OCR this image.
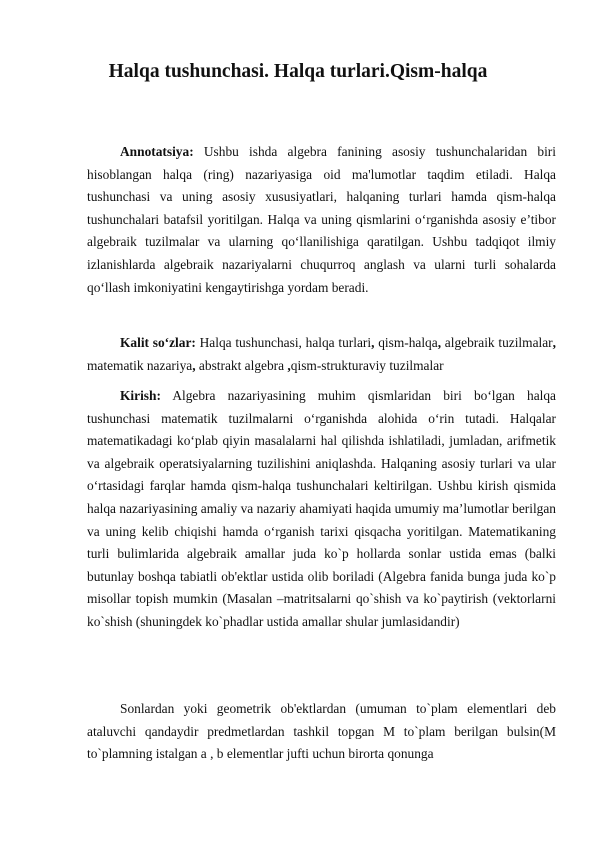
Halqa tushunchasi. Halqa turlari.Qism-halqa

Annotatsiya: Ushbu ishda algebra fanining asosiy tushunchalaridan biri hisoblangan halqa (ring) nazariyasiga oid ma'lumotlar taqdim etiladi. Halqa tushunchasi va uning asosiy xususiyatlari, halqaning turlari hamda qism-halqa tushunchalari batafsil yoritilgan. Halqa va uning qismlarini o‘rganishda asosiy e’tibor algebraik tuzilmalar va ularning qo‘llanilishiga qaratilgan. Ushbu tadqiqot ilmiy izlanishlarda algebraik nazariyalarni chuqurroq anglash va ularni turli sohalarda qo‘llash imkoniyatini kengaytirishga yordam beradi.

Kalit so‘zlar: Halqa tushunchasi, halqa turlari, qism-halqa, algebraik tuzilmalar, matematik nazariya, abstrakt algebra ,qism-strukturaviy tuzilmalar

Kirish: Algebra nazariyasining muhim qismlaridan biri bo‘lgan halqa tushunchasi matematik tuzilmalarni o‘rganishda alohida o‘rin tutadi. Halqalar matematikadagi ko‘plab qiyin masalalarni hal qilishda ishlatiladi, jumladan, arifmetik va algebraik operatsiyalarning tuzilishini aniqlashda. Halqaning asosiy turlari va ular o‘rtasidagi farqlar hamda qism-halqa tushunchalari keltirilgan. Ushbu kirish qismida halqa nazariyasining amaliy va nazariy ahamiyati haqida umumiy ma’lumotlar berilgan va uning kelib chiqishi hamda o‘rganish tarixi qisqacha yoritilgan. Matematikaning turli bulimlarida algebraik amallar juda ko`p hollarda sonlar ustida emas (balki butunlay boshqa tabiatli ob'ektlar ustida olib boriladi (Algebra fanida bunga juda ko`p misollar topish mumkin (Masalan –matritsalarni qo`shish va ko`paytirish (vektorlarni ko`shish (shuningdek ko`phadlar ustida amallar shular jumlasidandir)

Sonlardan yoki geometrik ob'ektlardan (umuman to`plam elementlari deb ataluvchi qandaydir predmetlardan tashkil topgan M to`plam berilgan bulsin(M to`plamning istalgan a , b elementlar jufti uchun birorta qonunga
